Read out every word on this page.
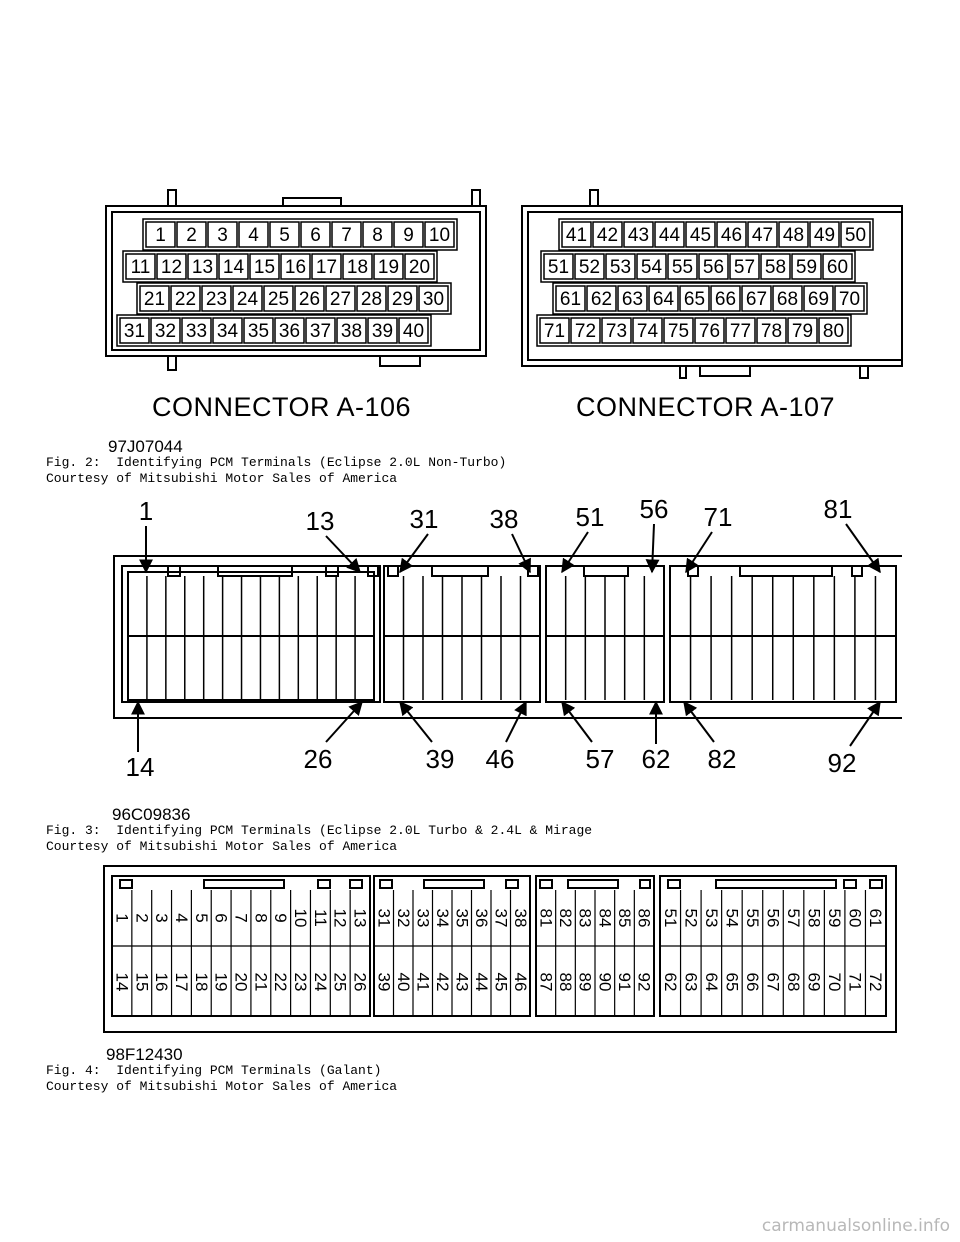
1 2 3 4 5 6 7 8 9 10
11 12 13 14 15 16 17 18 19 20
21 22 23 24 25 26 27 28 29 30
31 32 33 34 35 36 37 38 39 40
41 42 43 44 45 46 47 48 49 50
51 52 53 54 55 56 57 58 59 60
61 62 63 64 65 66 67 68 69 70
71 72 73 74 75 76 77 78 79 80
1	13	31 38 51 56 71	81
14	26	39 46	57 62 82	92
1 2 3 4 5 6 7 8 9 10 11 12 13
14 15 16 17 18 19 20 21 22 23 24 25 26
31 32 33 34 35 36 37 38
39 40 41 42 43 44 45 46
81 82 83 84 85 86
87 88 89 90 91 92
51 52 53 54 55 56 57 58 59 60 61
62 63 64 65 66 67 68 69 70 71 72
CONNECTOR A-106	CONNECTOR A-107
97J07044
Fig. 2:  Identifying PCM Terminals (Eclipse 2.0L Non-Turbo)
Courtesy of Mitsubishi Motor Sales of America
96C09836
Fig. 3:  Identifying PCM Terminals (Eclipse 2.0L Turbo & 2.4L & Mirage
Courtesy of Mitsubishi Motor Sales of America
98F12430
Fig. 4:  Identifying PCM Terminals (Galant)
Courtesy of Mitsubishi Motor Sales of America
carmanualsonline.info
